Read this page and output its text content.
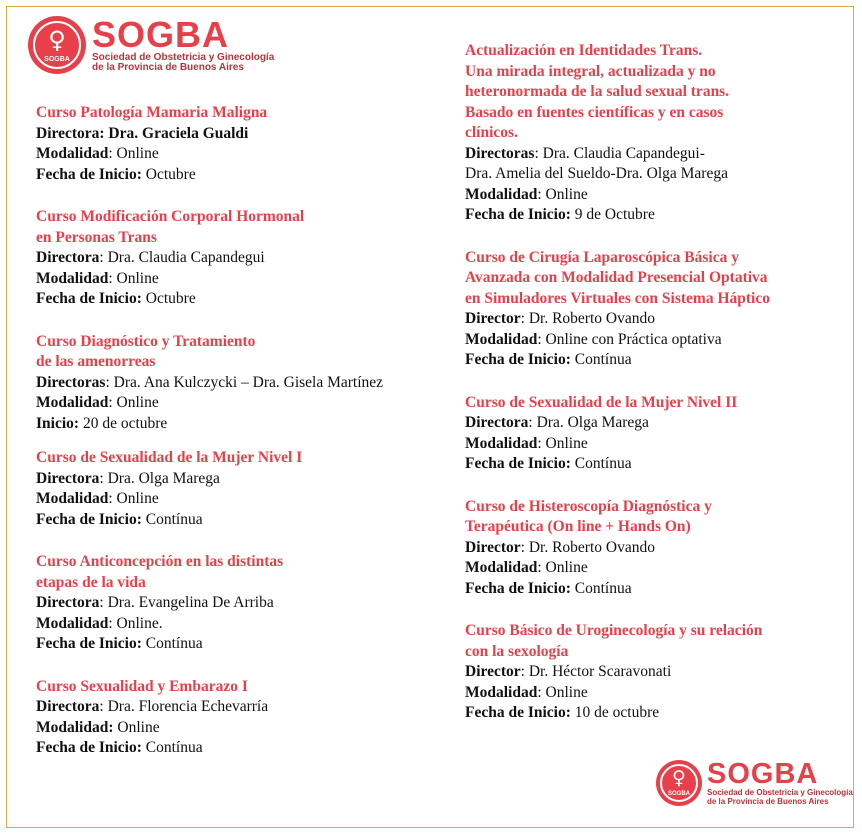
♀
SOGBA
SOGBA
Sociedad de Obstetricia y Ginecología
de la Provincia de Buenos Aires
Curso Patología Mamaria Maligna
Directora: Dra. Graciela Gualdi
Modalidad: Online
Fecha de Inicio: Octubre
Curso Modificación Corporal Hormonal
en Personas Trans
Directora: Dra. Claudia Capandegui
Modalidad: Online
Fecha de Inicio: Octubre
Curso Diagnóstico y Tratamiento
de las amenorreas
Directoras: Dra. Ana Kulczycki – Dra. Gisela Martínez
Modalidad: Online
Inicio: 20 de octubre
Curso de Sexualidad de la Mujer Nivel I
Directora: Dra. Olga Marega
Modalidad: Online
Fecha de Inicio: Contínua
Curso Anticoncepción en las distintas
etapas de la vida
Directora: Dra. Evangelina De Arriba
Modalidad: Online.
Fecha de Inicio: Contínua
Curso Sexualidad y Embarazo I
Directora: Dra. Florencia Echevarría
Modalidad: Online
Fecha de Inicio: Contínua
Actualización en Identidades Trans.
Una mirada integral, actualizada y no
heteronormada de la salud sexual trans.
Basado en fuentes científicas y en casos
clínicos.
Directoras: Dra. Claudia Capandegui-
Dra. Amelia del Sueldo-Dra. Olga Marega
Modalidad: Online
Fecha de Inicio: 9 de Octubre
Curso de Cirugía Laparoscópica Básica y
Avanzada con Modalidad Presencial Optativa
en Simuladores Virtuales con Sistema Háptico
Director: Dr. Roberto Ovando
Modalidad: Online con Práctica optativa
Fecha de Inicio: Contínua
Curso de Sexualidad de la Mujer Nivel II
Directora: Dra. Olga Marega
Modalidad: Online
Fecha de Inicio: Contínua
Curso de Histeroscopía Diagnóstica y
Terapéutica (On line + Hands On)
Director: Dr. Roberto Ovando
Modalidad: Online
Fecha de Inicio: Contínua
Curso Básico de Uroginecología y su relación
con la sexología
Director: Dr. Héctor Scaravonati
Modalidad: Online
Fecha de Inicio: 10 de octubre
♀
SOGBA
SOGBA
Sociedad de Obstetricia y Ginecología
de la Provincia de Buenos Aires
